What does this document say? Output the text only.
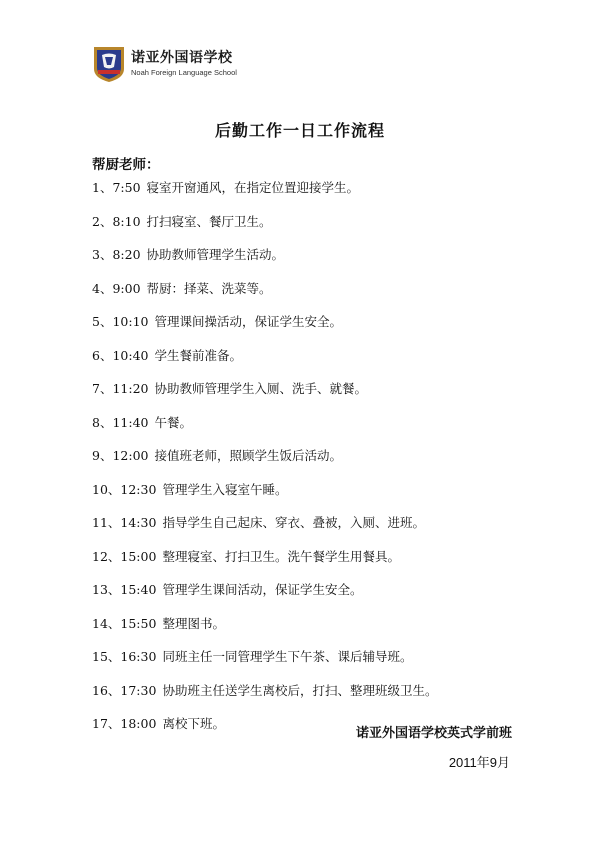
诺亚外国语学校
Noah Foreign Language School
后勤工作一日工作流程
帮厨老师：
1、7:50 寝室开窗通风，在指定位置迎接学生。
2、8:10 打扫寝室、餐厅卫生。
3、8:20 协助教师管理学生活动。
4、9:00 帮厨：择菜、洗菜等。
5、10:10 管理课间操活动，保证学生安全。
6、10:40 学生餐前准备。
7、11:20 协助教师管理学生入厕、洗手、就餐。
8、11:40 午餐。
9、12:00 接值班老师，照顾学生饭后活动。
10、12:30 管理学生入寝室午睡。
11、14:30 指导学生自己起床、穿衣、叠被，入厕、进班。
12、15:00 整理寝室、打扫卫生。洗午餐学生用餐具。
13、15:40 管理学生课间活动，保证学生安全。
14、15:50 整理图书。
15、16:30 同班主任一同管理学生下午茶、课后辅导班。
16、17:30 协助班主任送学生离校后，打扫、整理班级卫生。
17、18:00 离校下班。
诺亚外国语学校英式学前班
2011年9月
